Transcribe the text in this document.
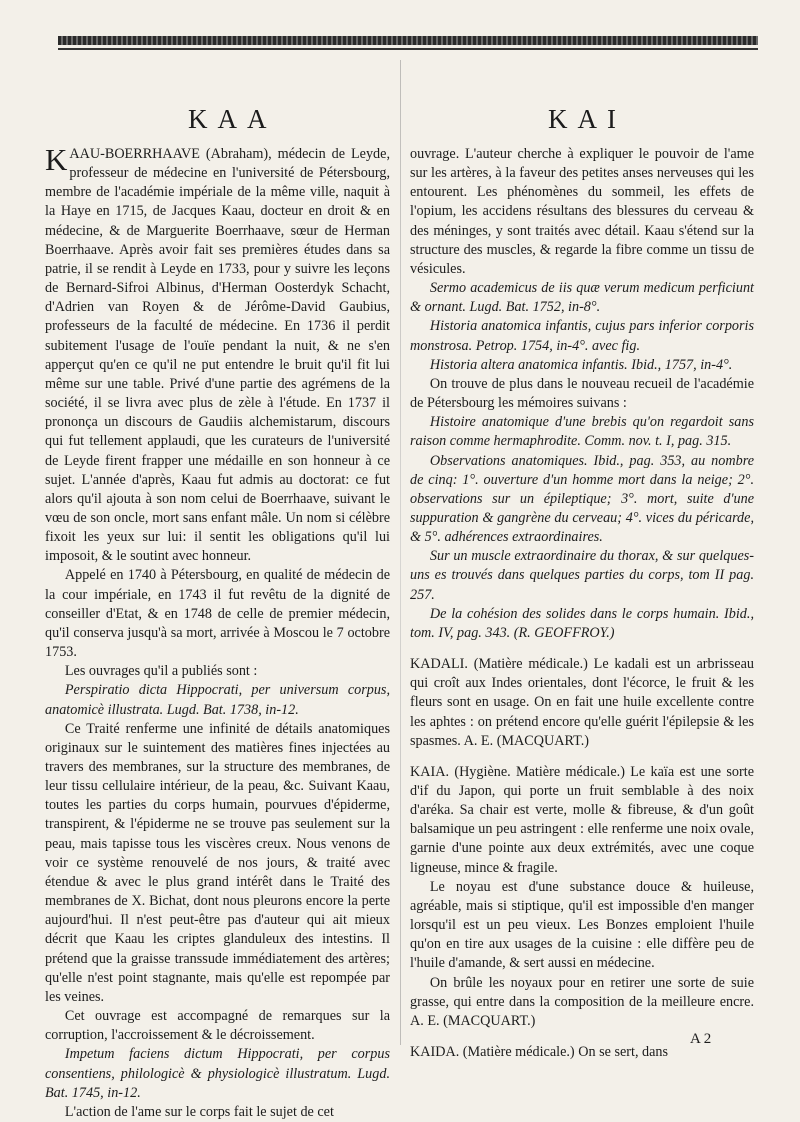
KAA	KAI

KAAU-BOERRHAAVE (Abraham), médecin de Leyde, professeur de médecine en l'université de Pétersbourg, membre de l'académie impériale de la même ville, naquit à la Haye en 1715, de Jacques Kaau, docteur en droit & en médecine, & de Marguerite Boerrhaave, sœur de Herman Boerrhaave. Après avoir fait ses premières études dans sa patrie, il se rendit à Leyde en 1733, pour y suivre les leçons de Bernard-Sifroi Albinus, d'Herman Oosterdyk Schacht, d'Adrien van Royen & de Jérôme-David Gaubius, professeurs de la faculté de médecine. En 1736 il perdit subitement l'usage de l'ouïe pendant la nuit, & ne s'en apperçut qu'en ce qu'il ne put entendre le bruit qu'il fit lui même sur une table. Privé d'une partie des agrémens de la société, il se livra avec plus de zèle à l'étude. En 1737 il prononça un discours de Gaudiis alchemistarum, discours qui fut tellement applaudi, que les curateurs de l'université de Leyde firent frapper une médaille en son honneur à ce sujet. L'année d'après, Kaau fut admis au doctorat: ce fut alors qu'il ajouta à son nom celui de Boerrhaave, suivant le vœu de son oncle, mort sans enfant mâle. Un nom si célèbre fixoit les yeux sur lui: il sentit les obligations qu'il lui imposoit, & le soutint avec honneur.

Appelé en 1740 à Pétersbourg, en qualité de médecin de la cour impériale, en 1743 il fut revêtu de la dignité de conseiller d'Etat, & en 1748 de celle de premier médecin, qu'il conserva jusqu'à sa mort, arrivée à Moscou le 7 octobre 1753.

Les ouvrages qu'il a publiés sont :

Perspiratio dicta Hippocrati, per universum corpus, anatomicè illustrata. Lugd. Bat. 1738, in-12.

Ce Traité renferme une infinité de détails anatomiques originaux sur le suintement des matières fines injectées au travers des membranes, sur la structure des membranes, de leur tissu cellulaire intérieur, de la peau, &c. Suivant Kaau, toutes les parties du corps humain, pourvues d'épiderme, transpirent, & l'épiderme ne se trouve pas seulement sur la peau, mais tapisse tous les viscères creux. Nous venons de voir ce système renouvelé de nos jours, & traité avec étendue & avec le plus grand intérêt dans le Traité des membranes de X. Bichat, dont nous pleurons encore la perte aujourd'hui. Il n'est peut-être pas d'auteur qui ait mieux décrit que Kaau les criptes glanduleux des intestins. Il prétend que la graisse transsude immédiatement des artères; qu'elle n'est point stagnante, mais qu'elle est repompée par les veines.

Cet ouvrage est accompagné de remarques sur la corruption, l'accroissement & le décroissement.

Impetum faciens dictum Hippocrati, per corpus consentiens, philologicè & physiologicè illustratum. Lugd. Bat. 1745, in-12.

L'action de l'ame sur le corps fait le sujet de cet

ouvrage. L'auteur cherche à expliquer le pouvoir de l'ame sur les artères, à la faveur des petites anses nerveuses qui les entourent. Les phénomènes du sommeil, les effets de l'opium, les accidens résultans des blessures du cerveau & des méninges, y sont traités avec détail. Kaau s'étend sur la structure des muscles, & regarde la fibre comme un tissu de vésicules.

Sermo academicus de iis quæ verum medicum perficiunt & ornant. Lugd. Bat. 1752, in-8°.

Historia anatomica infantis, cujus pars inferior corporis monstrosa. Petrop. 1754, in-4°. avec fig.

Historia altera anatomica infantis. Ibid., 1757, in-4°.

On trouve de plus dans le nouveau recueil de l'académie de Pétersbourg les mémoires suivans :

Histoire anatomique d'une brebis qu'on regardoit sans raison comme hermaphrodite. Comm. nov. t. I, pag. 315.

Observations anatomiques. Ibid., pag. 353, au nombre de cinq: 1°. ouverture d'un homme mort dans la neige; 2°. observations sur un épileptique; 3°. mort, suite d'une suppuration & gangrène du cerveau; 4°. vices du péricarde, & 5°. adhérences extraordinaires.

Sur un muscle extraordinaire du thorax, & sur quelques-uns es trouvés dans quelques parties du corps, tom II pag. 257.

De la cohésion des solides dans le corps humain. Ibid., tom. IV, pag. 343. (R. GEOFFROY.)

KADALI. (Matière médicale.) Le kadali est un arbrisseau qui croît aux Indes orientales, dont l'écorce, le fruit & les fleurs sont en usage. On en fait une huile excellente contre les aphtes : on prétend encore qu'elle guérit l'épilepsie & les spasmes. A. E. (MACQUART.)

KAIA. (Hygiène. Matière médicale.) Le kaïa est une sorte d'if du Japon, qui porte un fruit semblable à des noix d'aréka. Sa chair est verte, molle & fibreuse, & d'un goût balsamique un peu astringent : elle renferme une noix ovale, garnie d'une pointe aux deux extrémités, avec une coque ligneuse, mince & fragile.

Le noyau est d'une substance douce & huileuse, agréable, mais si stiptique, qu'il est impossible d'en manger lorsqu'il est un peu vieux. Les Bonzes emploient l'huile qu'on en tire aux usages de la cuisine : elle diffère peu de l'huile d'amande, & sert aussi en médecine.

On brûle les noyaux pour en retirer une sorte de suie grasse, qui entre dans la composition de la meilleure encre. A. E. (MACQUART.)

KAIDA. (Matière médicale.) On se sert, dans

A 2
